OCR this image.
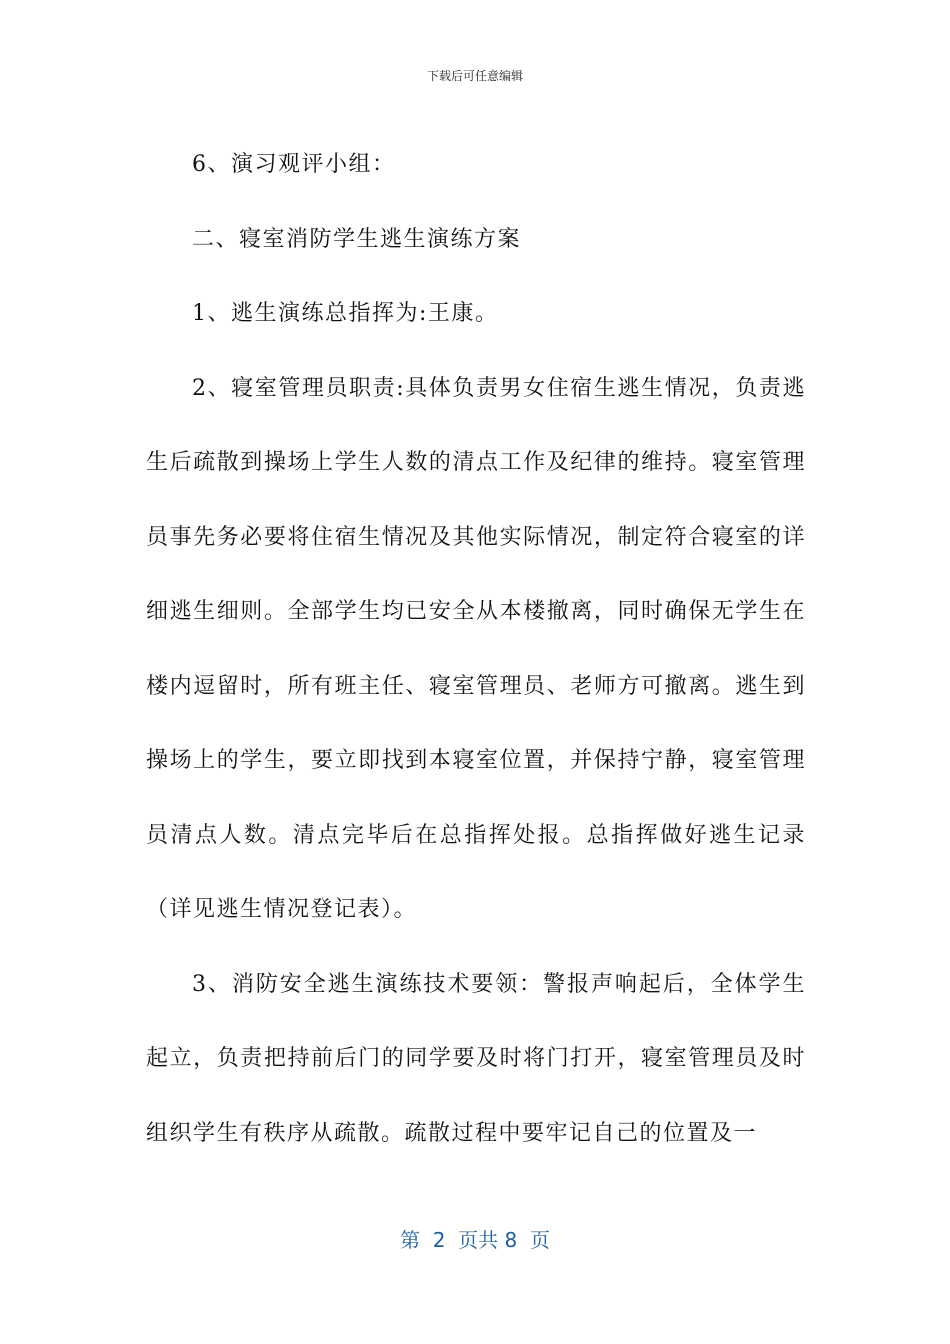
下载后可任意编辑

6、演习观评小组：

二、寝室消防学生逃生演练方案

1、逃生演练总指挥为:王康。

2、寝室管理员职责:具体负责男女住宿生逃生情况，负责逃生后疏散到操场上学生人数的清点工作及纪律的维持。寝室管理员事先务必要将住宿生情况及其他实际情况，制定符合寝室的详细逃生细则。全部学生均已安全从本楼撤离，同时确保无学生在楼内逗留时，所有班主任、寝室管理员、老师方可撤离。逃生到操场上的学生，要立即找到本寝室位置，并保持宁静，寝室管理员清点人数。清点完毕后在总指挥处报。总指挥做好逃生记录（详见逃生情况登记表）。

3、消防安全逃生演练技术要领：警报声响起后，全体学生起立，负责把持前后门的同学要及时将门打开，寝室管理员及时组织学生有秩序从疏散。疏散过程中要牢记自己的位置及一

第  2  页共 8  页
